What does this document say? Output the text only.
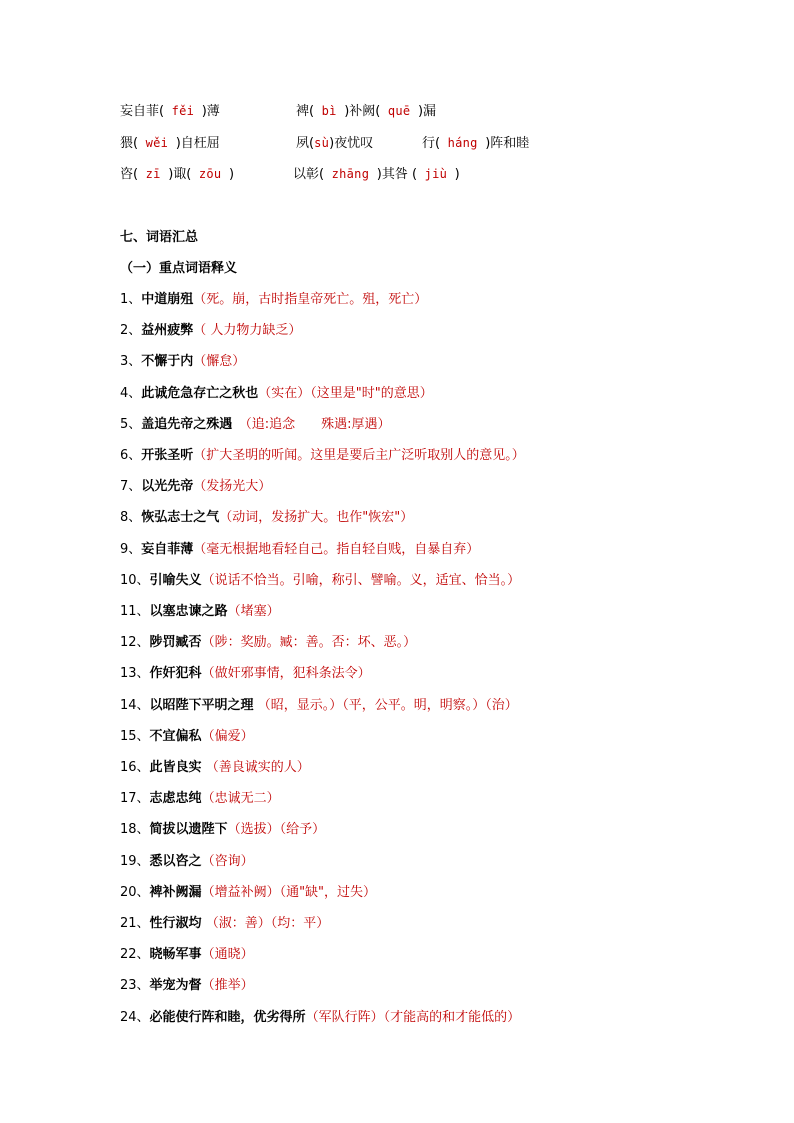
妄自菲( fěi )薄	裨( bì )补阙( quē )漏
猥( wěi )自枉屈	夙(sù)夜忧叹	行( háng )阵和睦
咨( zī )诹( zōu )	以彰( zhāng )其咎 ( jiù )
七、词语汇总
（一）重点词语释义
1、中道崩殂（死。崩，古时指皇帝死亡。殂，死亡）
2、益州疲弊（ 人力物力缺乏）
3、不懈于内（懈怠）
4、此诚危急存亡之秋也（实在）（这里是"时"的意思）
5、盖追先帝之殊遇　（追:追念　　殊遇:厚遇）
6、开张圣听（扩大圣明的听闻。这里是要后主广泛听取别人的意见。）
7、以光先帝（发扬光大）
8、恢弘志士之气（动词，发扬扩大。也作"恢宏"）
9、妄自菲薄（毫无根据地看轻自己。指自轻自贱，自暴自弃）
10、引喻失义（说话不恰当。引喻，称引、譬喻。义，适宜、恰当。）
11、以塞忠谏之路（堵塞）
12、陟罚臧否（陟：奖励。臧：善。否：坏、恶。）
13、作奸犯科（做奸邪事情，犯科条法令）
14、以昭陛下平明之理 （昭，显示。）（平，公平。明，明察。）（治）
15、不宜偏私（偏爱）
16、此皆良实 （善良诚实的人）
17、志虑忠纯（忠诚无二）
18、简拔以遗陛下（选拔）（给予）
19、悉以咨之（咨询）
20、裨补阙漏（增益补阙）（通"缺"，过失）
21、性行淑均 （淑：善）（均：平）
22、晓畅军事（通晓）
23、举宠为督（推举）
24、必能使行阵和睦，优劣得所（军队行阵）（才能高的和才能低的）
